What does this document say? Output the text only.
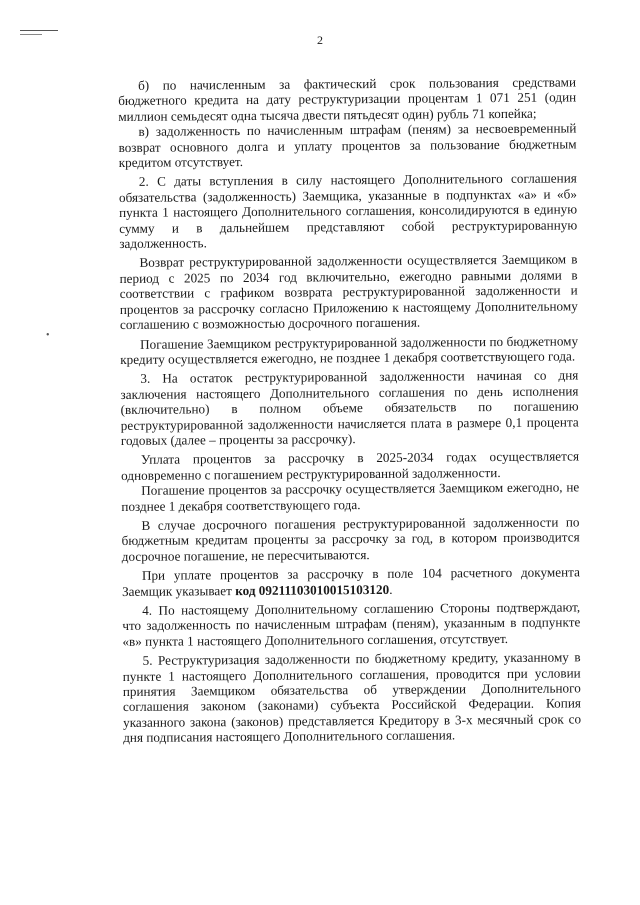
2
•

б) по начисленным за фактический срок пользования средствами бюджетного кредита на дату реструктуризации процентам 1 071 251 (один миллион семьдесят одна тысяча двести пятьдесят один) рубль 71 копейка;

в) задолженность по начисленным штрафам (пеням) за несвоевременный возврат основного долга и уплату процентов за пользование бюджетным кредитом отсутствует.

2. С даты вступления в силу настоящего Дополнительного соглашения обязательства (задолженность) Заемщика, указанные в подпунктах «а» и «б» пункта 1 настоящего Дополнительного соглашения, консолидируются в единую сумму и в дальнейшем представляют собой реструктурированную задолженность.

Возврат реструктурированной задолженности осуществляется Заемщиком в период с 2025 по 2034 год включительно, ежегодно равными долями в соответствии с графиком возврата реструктурированной задолженности и процентов за рассрочку согласно Приложению к настоящему Дополнительному соглашению с возможностью досрочного погашения.

Погашение Заемщиком реструктурированной задолженности по бюджетному кредиту осуществляется ежегодно, не позднее 1 декабря соответствующего года.

3. На остаток реструктурированной задолженности начиная со дня заключения настоящего Дополнительного соглашения по день исполнения (включительно) в полном объеме обязательств по погашению реструктурированной задолженности начисляется плата в размере 0,1 процента годовых (далее – проценты за рассрочку).

Уплата процентов за рассрочку в 2025-2034 годах осуществляется одновременно с погашением реструктурированной задолженности.

Погашение процентов за рассрочку осуществляется Заемщиком ежегодно, не позднее 1 декабря соответствующего года.

В случае досрочного погашения реструктурированной задолженности по бюджетным кредитам проценты за рассрочку за год, в котором производится досрочное погашение, не пересчитываются.

При уплате процентов за рассрочку в поле 104 расчетного документа Заемщик указывает код 09211103010015103120.

4. По настоящему Дополнительному соглашению Стороны подтверждают, что задолженность по начисленным штрафам (пеням), указанным в подпункте «в» пункта 1 настоящего Дополнительного соглашения, отсутствует.

5. Реструктуризация задолженности по бюджетному кредиту, указанному в пункте 1 настоящего Дополнительного соглашения, проводится при условии принятия Заемщиком обязательства об утверждении Дополнительного соглашения законом (законами) субъекта Российской Федерации. Копия указанного закона (законов) представляется Кредитору в 3-х месячный срок со дня подписания настоящего Дополнительного соглашения.
